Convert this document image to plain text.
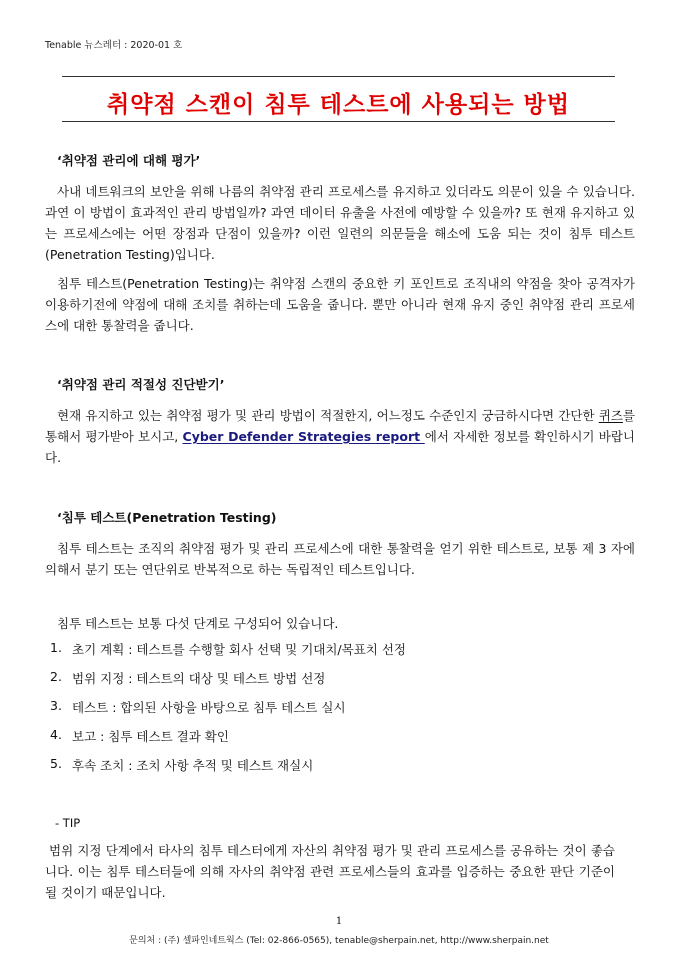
Tenable 뉴스레터 : 2020-01 호
취약점 스캔이 침투 테스트에 사용되는 방법
‘취약점 관리에 대해 평가’

사내 네트워크의 보안을 위해 나름의 취약점 관리 프로세스를 유지하고 있더라도 의문이 있을 수 있습니다. 과연 이 방법이 효과적인 관리 방법일까? 과연 데이터 유출을 사전에 예방할 수 있을까? 또 현재 유지하고 있는 프로세스에는 어떤 장점과 단점이 있을까? 이런 일련의 의문들을 해소에 도움 되는 것이 침투 테스트(Penetration Testing)입니다.

침투 테스트(Penetration Testing)는 취약점 스캔의 중요한 키 포인트로 조직내의 약점을 찾아 공격자가 이용하기전에 약점에 대해 조치를 취하는데 도움을 줍니다. 뿐만 아니라 현재 유지 중인 취약점 관리 프로세스에 대한 통찰력을 줍니다.

‘취약점 관리 적절성 진단받기’

현재 유지하고 있는 취약점 평가 및 관리 방법이 적절한지, 어느정도 수준인지 궁금하시다면 간단한 퀴즈를 통해서 평가받아 보시고, Cyber Defender Strategies report 에서 자세한 정보를 확인하시기 바랍니다.

‘침투 테스트(Penetration Testing)

침투 테스트는 조직의 취약점 평가 및 관리 프로세스에 대한 통찰력을 얻기 위한 테스트로, 보통 제 3 자에 의해서 분기 또는 연단위로 반복적으로 하는 독립적인 테스트입니다.

침투 테스트는 보통 다섯 단계로 구성되어 있습니다.
1. 초기 계획 : 테스트를 수행할 회사 선택 및 기대치/목표치 선정
2. 범위 지정 : 테스트의 대상 및 테스트 방법 선정
3. 테스트 : 합의된 사항을 바탕으로 침투 테스트 실시
4. 보고 : 침투 테스트 결과 확인
5. 후속 조치 : 조치 사항 추적 및 테스트 재실시
- TIP

범위 지정 단계에서 타사의 침투 테스터에게 자산의 취약점 평가 및 관리 프로세스를 공유하는 것이 좋습니다. 이는 침투 테스터들에 의해 자사의 취약점 관련 프로세스들의 효과를 입증하는 중요한 판단 기준이 될 것이기 때문입니다.

1
문의처 : (주) 셀파인네트웍스 (Tel: 02-866-0565), tenable@sherpain.net, http://www.sherpain.net
